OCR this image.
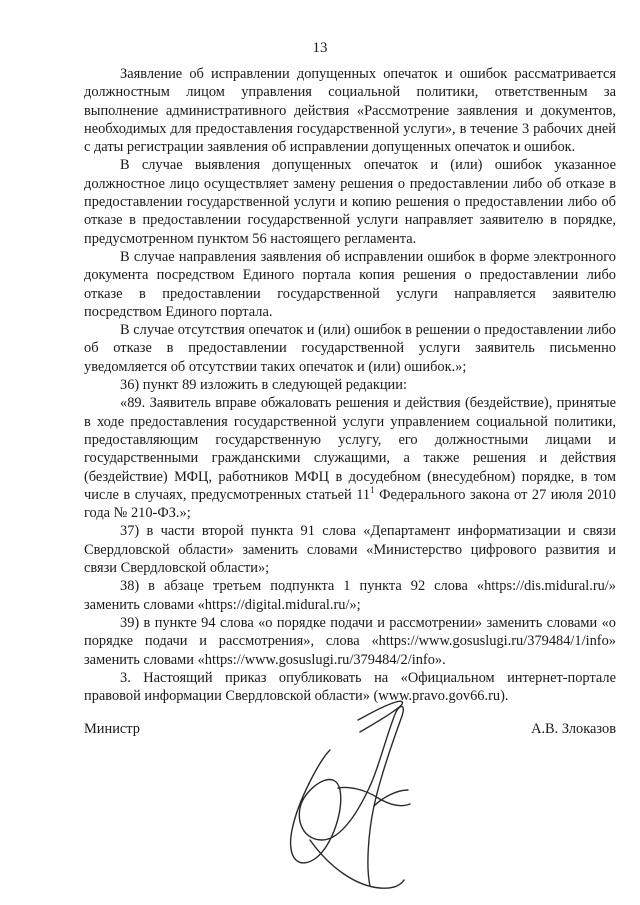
13

Заявление об исправлении допущенных опечаток и ошибок рассматривается должностным лицом управления социальной политики, ответственным за выполнение административного действия «Рассмотрение заявления и документов, необходимых для предоставления государственной услуги», в течение 3 рабочих дней с даты регистрации заявления об исправлении допущенных опечаток и ошибок.

В случае выявления допущенных опечаток и (или) ошибок указанное должностное лицо осуществляет замену решения о предоставлении либо об отказе в предоставлении государственной услуги и копию решения о предоставлении либо об отказе в предоставлении государственной услуги направляет заявителю в порядке, предусмотренном пунктом 56 настоящего регламента.

В случае направления заявления об исправлении ошибок в форме электронного документа посредством Единого портала копия решения о предоставлении либо отказе в предоставлении государственной услуги направляется заявителю посредством Единого портала.

В случае отсутствия опечаток и (или) ошибок в решении о предоставлении либо об отказе в предоставлении государственной услуги заявитель письменно уведомляется об отсутствии таких опечаток и (или) ошибок.»;

36) пункт 89 изложить в следующей редакции:

«89. Заявитель вправе обжаловать решения и действия (бездействие), принятые в ходе предоставления государственной услуги управлением социальной политики, предоставляющим государственную услугу, его должностными лицами и государственными гражданскими служащими, а также решения и действия (бездействие) МФЦ, работников МФЦ в досудебном (внесудебном) порядке, в том числе в случаях, предусмотренных статьей $11^1$ Федерального закона от 27 июля 2010 года № 210-ФЗ.»;

37) в части второй пункта 91 слова «Департамент информатизации и связи Свердловской области» заменить словами «Министерство цифрового развития и связи Свердловской области»;

38) в абзаце третьем подпункта 1 пункта 92 слова «https://dis.midural.ru/» заменить словами «https://digital.midural.ru/»;

39) в пункте 94 слова «о порядке подачи и рассмотрении» заменить словами «о порядке подачи и рассмотрения», слова «https://www.gosuslugi.ru/379484/1/info» заменить словами «https://www.gosuslugi.ru/379484/2/info».

3. Настоящий приказ опубликовать на «Официальном интернет-портале правовой информации Свердловской области» (www.pravo.gov66.ru).

Министр	А.В. Злоказов
